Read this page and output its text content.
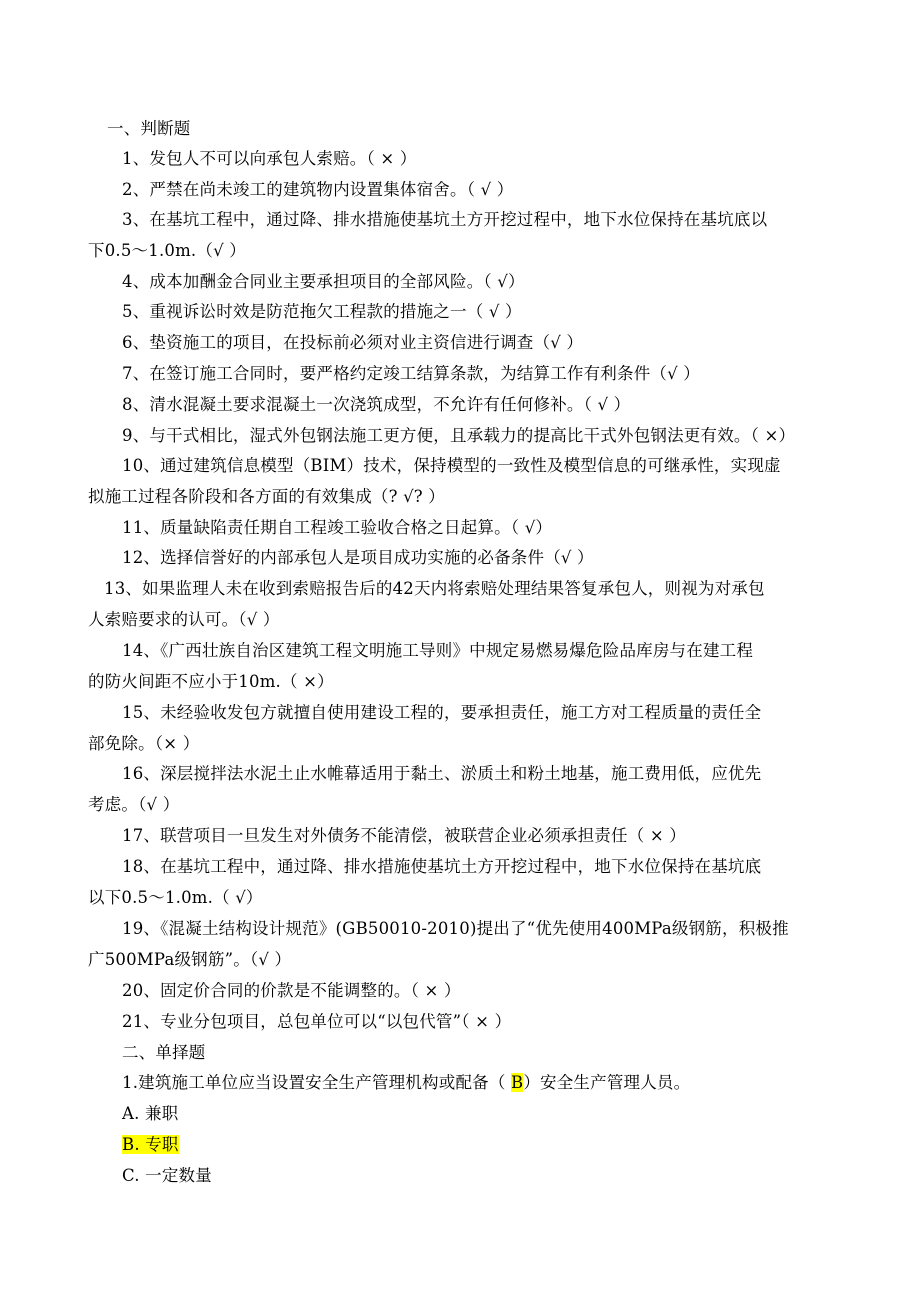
一、判断题
1、发包人不可以向承包人索赔。（ × ）
2、严禁在尚未竣工的建筑物内设置集体宿舍。（ √ ）
3、在基坑工程中，通过降、排水措施使基坑土方开挖过程中，地下水位保持在基坑底以
下0.5～1.0m.（√ ）
4、成本加酬金合同业主要承担项目的全部风险。（ √）
5、重视诉讼时效是防范拖欠工程款的措施之一（ √ ）
6、垫资施工的项目，在投标前必须对业主资信进行调查（√ ）
7、在签订施工合同时，要严格约定竣工结算条款，为结算工作有利条件（√ ）
8、清水混凝土要求混凝土一次浇筑成型，不允许有任何修补。（ √ ）
9、与干式相比，湿式外包钢法施工更方便，且承载力的提高比干式外包钢法更有效。（ ×）
10、通过建筑信息模型（BIM）技术，保持模型的一致性及模型信息的可继承性，实现虚
拟施工过程各阶段和各方面的有效集成（? √? ）
11、质量缺陷责任期自工程竣工验收合格之日起算。（ √）
12、选择信誉好的内部承包人是项目成功实施的必备条件（√ ）
13、如果监理人未在收到索赔报告后的42天内将索赔处理结果答复承包人，则视为对承包
人索赔要求的认可。（√ ）
14、《广西壮族自治区建筑工程文明施工导则》中规定易燃易爆危险品库房与在建工程
的防火间距不应小于10m.（ ×）
15、未经验收发包方就擅自使用建设工程的，要承担责任，施工方对工程质量的责任全
部免除。（× ）
16、深层搅拌法水泥土止水帷幕适用于黏土、淤质土和粉土地基，施工费用低，应优先
考虑。（√ ）
17、联营项目一旦发生对外债务不能清偿，被联营企业必须承担责任（ × ）
18、在基坑工程中，通过降、排水措施使基坑土方开挖过程中，地下水位保持在基坑底
以下0.5～1.0m.（ √）
19、《混凝土结构设计规范》(GB50010-2010)提出了“优先使用400MPa级钢筋，积极推
广500MPa级钢筋”。（√ ）
20、固定价合同的价款是不能调整的。（ × ）
21、专业分包项目，总包单位可以“以包代管”（ × ）
二、单择题
1.建筑施工单位应当设置安全生产管理机构或配备（ B）安全生产管理人员。
A. 兼职
B. 专职
C. 一定数量
